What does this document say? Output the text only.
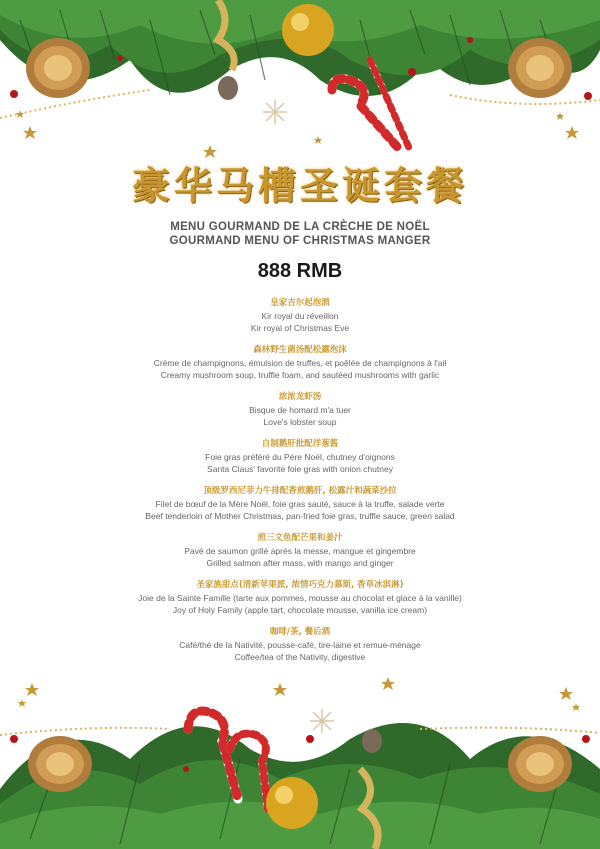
豪华马槽圣诞套餐
MENU GOURMAND DE LA CRÈCHE DE NOËL
GOURMAND MENU OF CHRISTMAS MANGER
888 RMB
皇家吉尔起泡酒
Kir royal du réveillon
Kir royal of Christmas Eve
森林野生菌汤配松露泡沫
Crème de champignons, émulsion de truffes, et poêlée de champignons à l'ail
Creamy mushroom soup, truffle foam, and sautéed mushrooms with garlic
浓浓龙虾汤
Bisque de homard m'a tuer
Love's lobster soup
自制鹅肝批配洋葱酱
Foie gras préféré du Père Noël, chutney d'oignons
Santa Claus' favorite foie gras with onion chutney
顶级罗西尼菲力牛排配香煎鹅肝, 松露汁和蔬菜沙拉
Filet de bœuf de la Mère Noël, foie gras sauté, sauce à la truffe, salade verte
Beef tenderloin of Mother Christmas, pan-fried foie gras, truffle sauce, green salad
煎三文鱼配芒果和姜汁
Pavé de saumon grillé après la messe, mangue et gingembre
Grilled salmon after mass, with mango and ginger
圣家族甜点(清新苹果派, 浓情巧克力慕斯, 香草冰淇淋)
Joie de la Sainte Famille (tarte aux pommes, mousse au chocolat et glace à la vanille)
Joy of Holy Family (apple tart, chocolate mousse, vanilla ice cream)
咖啡/茶, 餐后酒
Café/thé de la Nativité, pousse-café, tire-laine et remue-ménage
Coffee/tea of the Nativity, digestive
